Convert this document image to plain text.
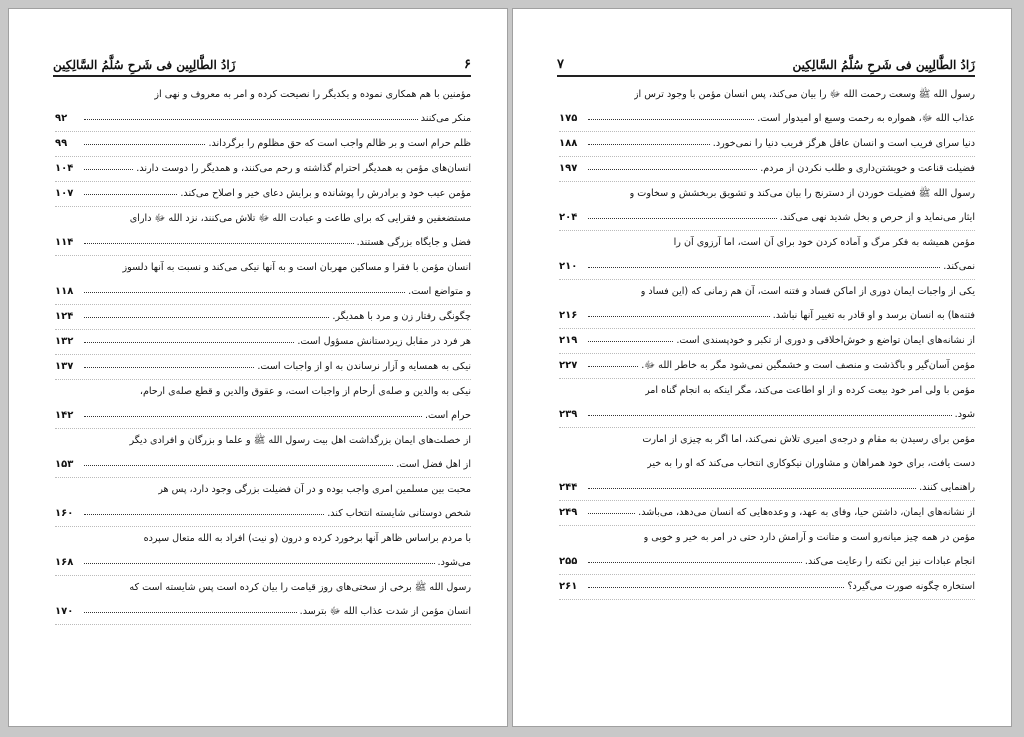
زَادُ الطَّالِبِین فی شَرحِ سُلَّمُ السَّالِکِین	۶
مؤمنین با هم همکاری نموده و یکدیگر را نصیحت کرده و امر به معروف و نهی از
منکر می‌کنند
۹۲
ظلم حرام است و بر ظالم واجب است که حق مظلوم را برگرداند.
۹۹
انسان‌های مؤمن به همدیگر احترام گذاشته و رحم می‌کنند، و همدیگر را دوست دارند.
۱۰۴
مؤمن عیب خود و برادرش را پوشانده و برایش دعای خیر و اصلاح می‌کند.
۱۰۷
مستضعفین و فقرایی که برای طاعت و عبادت الله ﷻ تلاش می‌کنند، نزد الله ﷻ دارای
فضل و جایگاه بزرگی هستند.
۱۱۴
انسان مؤمن با فقرا و مساکین مهربان است و به آنها نیکی می‌کند و نسبت به آنها دلسوز
و متواضع است.
۱۱۸
چگونگی رفتار زن و مرد با همدیگر.
۱۲۴
هر فرد در مقابل زیردستانش مسؤول است.
۱۳۲
نیکی به همسایه و آزار نرساندن به او از واجبات است.
۱۳۷
نیکی به والدین و صله‌ی أرحام از واجبات است، و عقوق والدین و قطع صله‌ی ارحام،
حرام است.
۱۴۲
از خصلت‌های ایمان بزرگداشت اهل بیت رسول الله ﷺ و علما و بزرگان و افرادی دیگر
از اهل فضل است.
۱۵۳
محبت بین مسلمین امری واجب بوده و در آن فضیلت بزرگی وجود دارد، پس هر
شخص دوستانی شایسته انتخاب کند.
۱۶۰
با مردم براساس ظاهر آنها برخورد کرده و درون (و نیت) افراد به الله متعال سپرده
می‌شود.
۱۶۸
رسول الله ﷺ برخی از سختی‌های روز قیامت را بیان کرده است پس شایسته است که
انسان مؤمن از شدت عذاب الله ﷻ بترسد.
۱۷۰
زَادُ الطَّالِبِین فی شَرحِ سُلَّمُ السَّالِکِین
۷
رسول الله ﷺ وسعت رحمت الله ﷻ را بیان می‌کند، پس انسان مؤمن با وجود ترس از
عذاب الله ﷻ، همواره به رحمت وسیع او امیدوار است.
۱۷۵
دنیا سرای فریب است و انسان عاقل هرگز فریب دنیا را نمی‌خورد.
۱۸۸
فضیلت قناعت و خویشتن‌داری و طلب نکردن از مردم.
۱۹۷
رسول الله ﷺ فضیلت خوردن از دسترنج را بیان می‌کند و تشویق بربخشش و سخاوت و
ایثار می‌نماید و از حرص و بخل شدید نهی می‌کند.
۲۰۴
مؤمن همیشه به فکر مرگ و آماده کردن خود برای آن است، اما آرزوی آن را
نمی‌کند.
۲۱۰
یکی از واجبات ایمان دوری از اماکن فساد و فتنه است، آن هم زمانی که (این فساد و
فتنه‌ها) به انسان برسد و او قادر به تغییر آنها نباشد.
۲۱۶
از نشانه‌های ایمان تواضع و خوش‌اخلاقی و دوری از تکبر و خودپسندی است.
۲۱۹
مؤمن آسان‌گیر و باگذشت و منصف است و خشمگین نمی‌شود مگر به خاطر الله ﷻ.
۲۲۷
مؤمن با ولی امر خود بیعت کرده و از او اطاعت می‌کند، مگر اینکه به انجام گناه امر
شود.
۲۳۹
مؤمن برای رسیدن به مقام و درجه‌ی امیری تلاش نمی‌کند، اما اگر به چیزی از امارت
دست یافت، برای خود همراهان و مشاوران نیکوکاری انتخاب می‌کند که او را به خیر
راهنمایی کنند.
۲۴۴
از نشانه‌های ایمان، داشتن حیا، وفای به عهد، و وعده‌هایی که انسان می‌دهد، می‌باشد.
۲۴۹
مؤمن در همه چیز میانه‌رو است و متانت و آرامش دارد حتی در امر به خیر و خوبی و
انجام عبادات نیز این نکته را رعایت می‌کند.
۲۵۵
استخاره چگونه صورت می‌گیرد؟
۲۶۱
